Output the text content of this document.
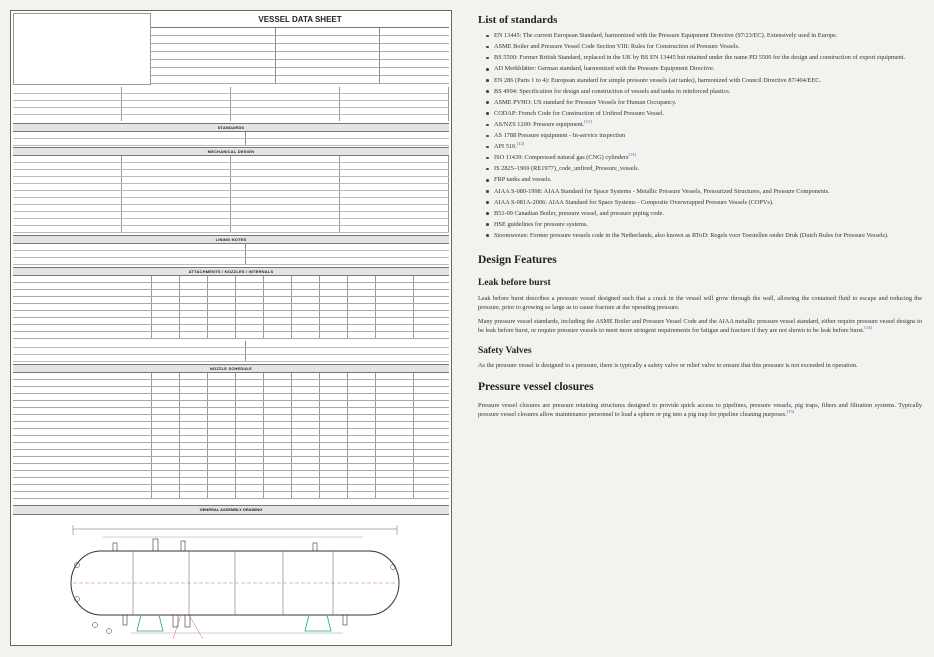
VESSEL DATA SHEET
STANDARDS
MECHANICAL DESIGN
LINING NOTES
ATTACHMENTS / NOZZLES / INTERNALS
NOZZLE SCHEDULE
GENERAL ASSEMBLY DRAWING
List of standards
EN 13445: The current European Standard, harmonized with the Pressure Equipment Directive (97/23/EC). Extensively used in Europe.
ASME Boiler and Pressure Vessel Code Section VIII: Rules for Construction of Pressure Vessels.
BS 5500: Former British Standard, replaced in the UK by BS EN 13445 but retained under the name PD 5500 for the design and construction of export equipment.
AD Merkblätter: German standard, harmonized with the Pressure Equipment Directive.
EN 286 (Parts 1 to 4): European standard for simple pressure vessels (air tanks), harmonized with Council Directive 87/404/EEC.
BS 4994: Specification for design and construction of vessels and tanks in reinforced plastics.
ASME PVHO: US standard for Pressure Vessels for Human Occupancy.
CODAP: French Code for Construction of Unfired Pressure Vessel.
AS/NZS 1200: Pressure equipment.[11]
AS 1788 Pressure equipment - In-service inspection
API 510.[12]
ISO 11439: Compressed natural gas (CNG) cylinders[13]
IS 2825–1969 (RE1977)_code_unfired_Pressure_vessels.
FRP tanks and vessels.
AIAA S-080-1998: AIAA Standard for Space Systems - Metallic Pressure Vessels, Pressurized Structures, and Pressure Components.
AIAA S-081A-2006: AIAA Standard for Space Systems - Composite Overwrapped Pressure Vessels (COPVs).
B51-09 Canadian Boiler, pressure vessel, and pressure piping code.
HSE guidelines for pressure systems.
Stoomwezen: Former pressure vessels code in the Netherlands, also known as RToD: Regels voor Toestellen onder Druk (Dutch Rules for Pressure Vessels).
Design Features
Leak before burst

Leak before burst describes a pressure vessel designed such that a crack in the vessel will grow through the wall, allowing the contained fluid to escape and reducing the pressure, prior to growing so large as to cause fracture at the operating pressure.

Many pressure vessel standards, including the ASME Boiler and Pressure Vessel Code and the AIAA metallic pressure vessel standard, either require pressure vessel designs to be leak before burst, or require pressure vessels to meet more stringent requirements for fatigue and fracture if they are not shown to be leak before burst.[14]

Safety Valves

As the pressure vessel is designed to a pressure, there is typically a safety valve or relief valve to ensure that this pressure is not exceeded in operation.

Pressure vessel closures

Pressure vessel closures are pressure retaining structures designed to provide quick access to pipelines, pressure vessels, pig traps, filters and filtration systems. Typically pressure vessel closures allow maintenance personnel to load a sphere or pig into a pig trap for pipeline cleaning purposes.[15]
